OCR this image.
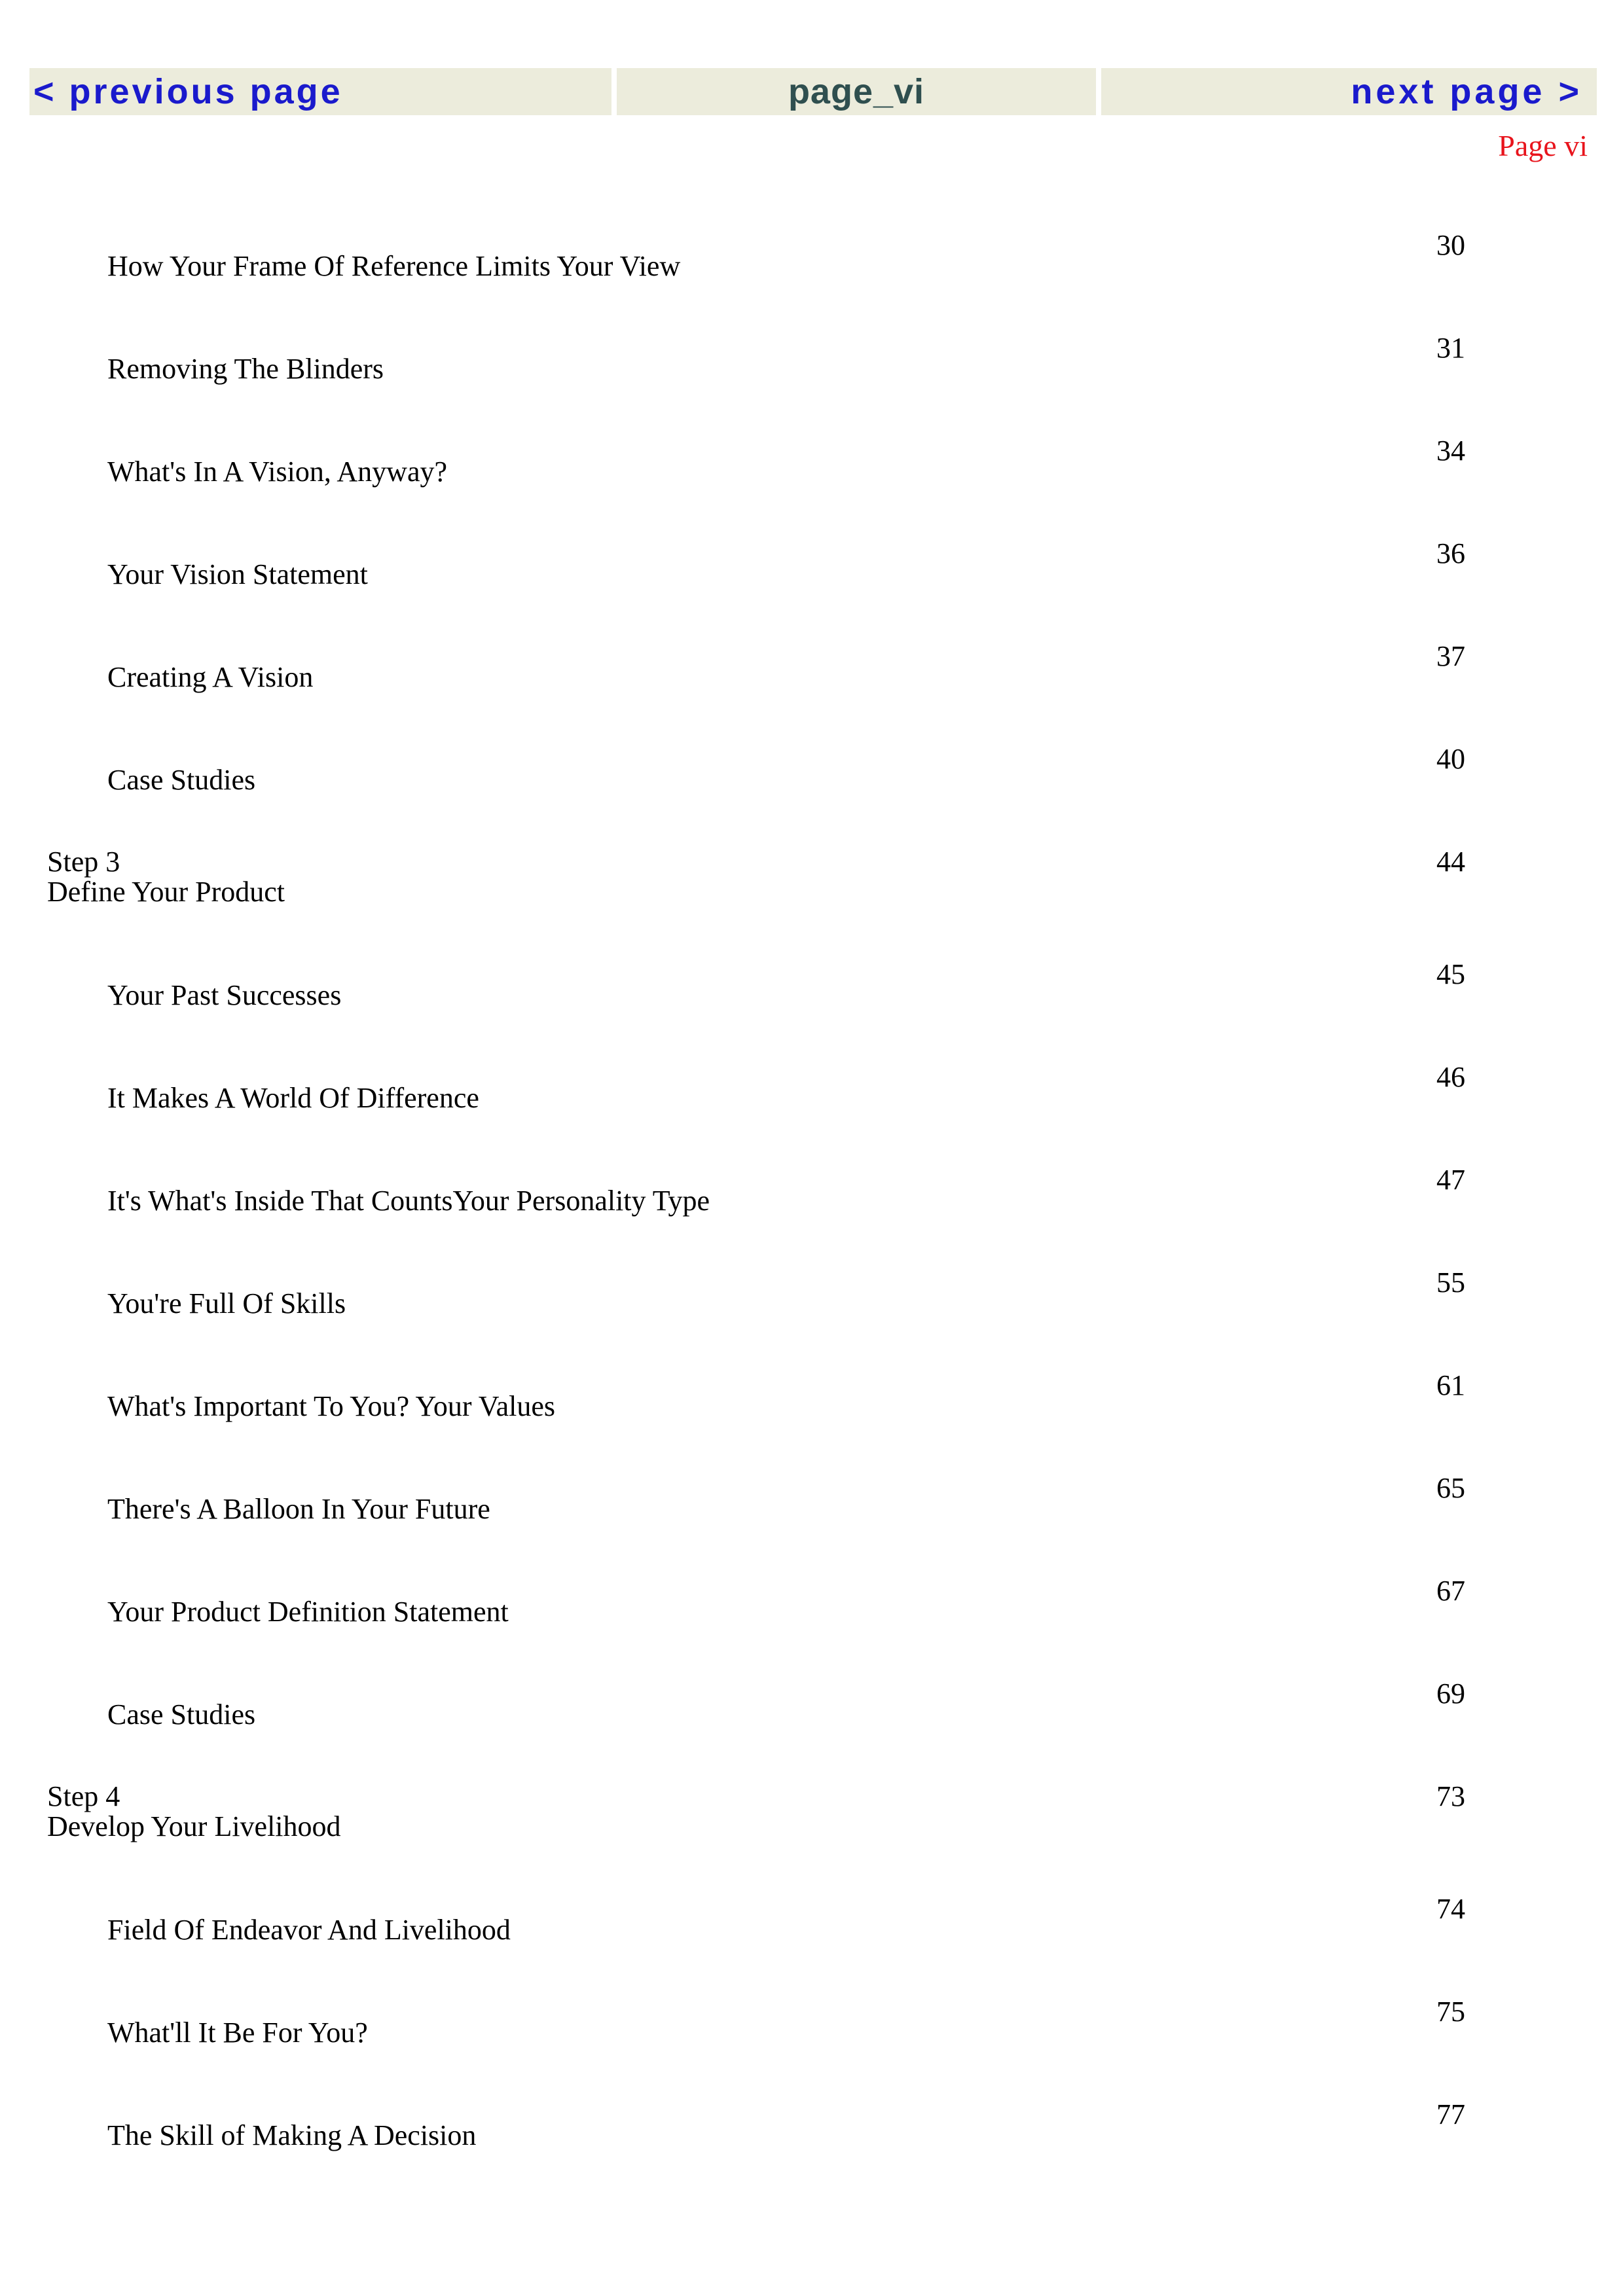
< previous page	page_vi	next page >
Page vi
How Your Frame Of Reference Limits Your View
30
Removing The Blinders
31
What's In A Vision, Anyway?
34
Your Vision Statement
36
Creating A Vision
37
Case Studies
40
Step 3
Define Your Product
44
Your Past Successes
45
It Makes A World Of Difference
46
It's What's Inside That CountsYour Personality Type
47
You're Full Of Skills
55
What's Important To You? Your Values
61
There's A Balloon In Your Future
65
Your Product Definition Statement
67
Case Studies
69
Step 4
Develop Your Livelihood
73
Field Of Endeavor And Livelihood
74
What'll It Be For You?
75
The Skill of Making A Decision
77
